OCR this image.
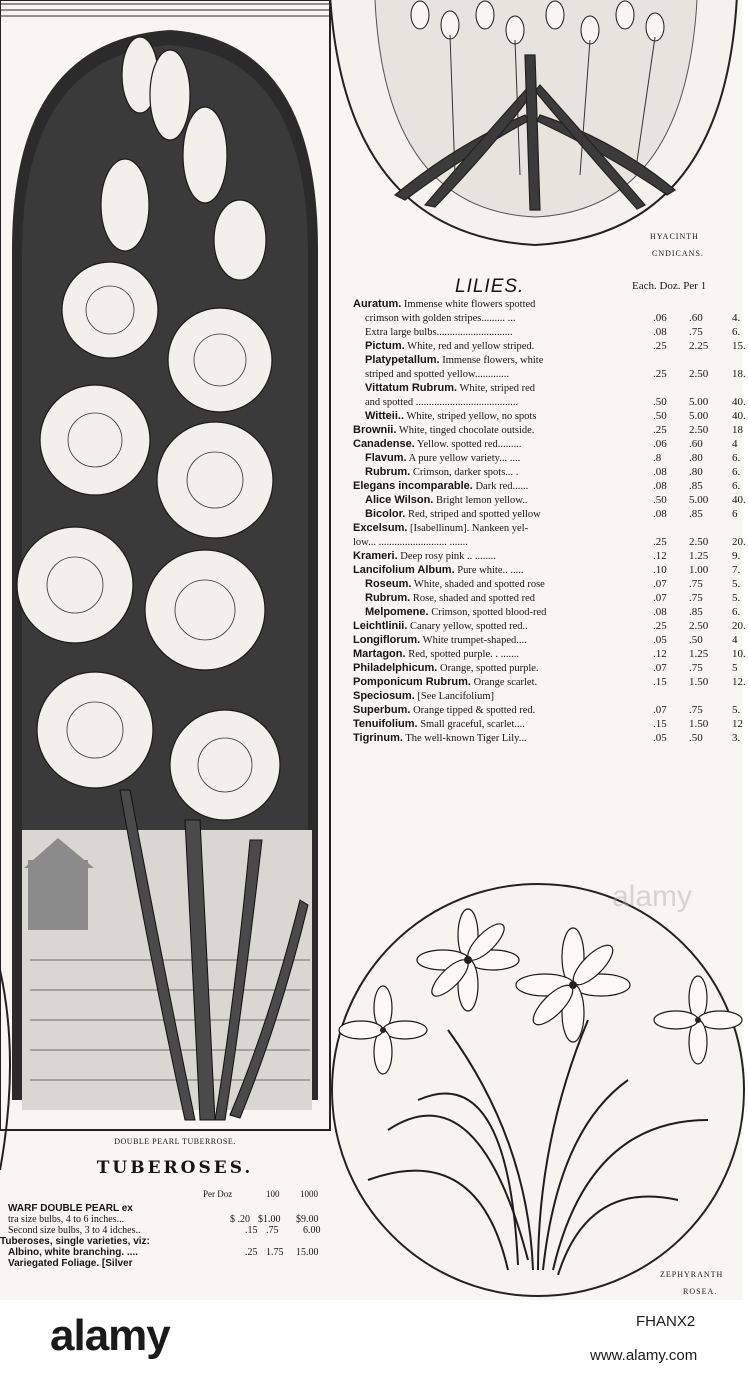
DOUBLE PEARL TUBERROSE.
TUBEROSES.
Per Doz	100 1000
WARF DOUBLE PEARL ex
tra size bulbs, 4 to 6 inches...	$ .20 $1.00 $9.00
Second size bulbs, 3 to 4 idches..	.15 .75 6.00
Tuberoses, single varieties, viz:
Albino, white branching. ....	.25 1.75 15.00
Variegated Foliage. [Silver
HYACINTH
CNDICANS.
LILIES.	Each. Doz. Per 1
Auratum. Immense white flowers spotted
crimson with golden stripes......... ...	.06 .60	4.
Extra large bulbs.............................	.08 .75	6.
Pictum. White, red and yellow striped.	.25 2.25 15.
Platypetallum. Immense flowers, white
striped and spotted yellow.............	.25 2.50 18.
Vittatum Rubrum. White, striped red
and spotted .......................................	.50 5.00 40.
Witteii.. White, striped yellow, no spots	.50 5.00 40.
Brownii. White, tinged chocolate outside.	.25 2.50 18
Canadense. Yellow. spotted red.........	.06 .60	4
Flavum. A pure yellow variety... ....	.8	.80	6.
Rubrum. Crimson, darker spots... .	.08 .80	6.
Elegans incomparable. Dark red......	.08 .85	6.
Alice Wilson. Bright lemon yellow..	.50 5.00 40.
Bicolor. Red, striped and spotted yellow	.08 .85	6
Excelsum. [Isabellinum]. Nankeen yel-
low... .......................... .......	.25 2.50 20.
Krameri. Deep rosy pink .. ........	.12 1.25 9.
Lancifolium Album. Pure white.. .....	.10 1.00 7.
Roseum. White, shaded and spotted rose	.07 .75	5.
Rubrum. Rose, shaded and spotted red	.07 .75	5.
Melpomene. Crimson, spotted blood-red	.08 .85	6.
Leichtlinii. Canary yellow, spotted red..	.25 2.50 20.
Longiflorum. White trumpet-shaped....	.05 .50	4
Martagon. Red, spotted purple. . .......	.12 1.25 10.
Philadelphicum. Orange, spotted purple.	.07 .75	5
Pomponicum Rubrum. Orange scarlet.	.15 1.50 12.
Speciosum. [See Lancifolium]
Superbum. Orange tipped & spotted red.	.07 .75	5.
Tenuifolium. Small graceful, scarlet....	.15 1.50 12
Tigrinum. The well-known Tiger Lily...	.05 .50	3.
ZEPHYRANTH
ROSEA.
alamy
alamy	FHANX2
www.alamy.com
